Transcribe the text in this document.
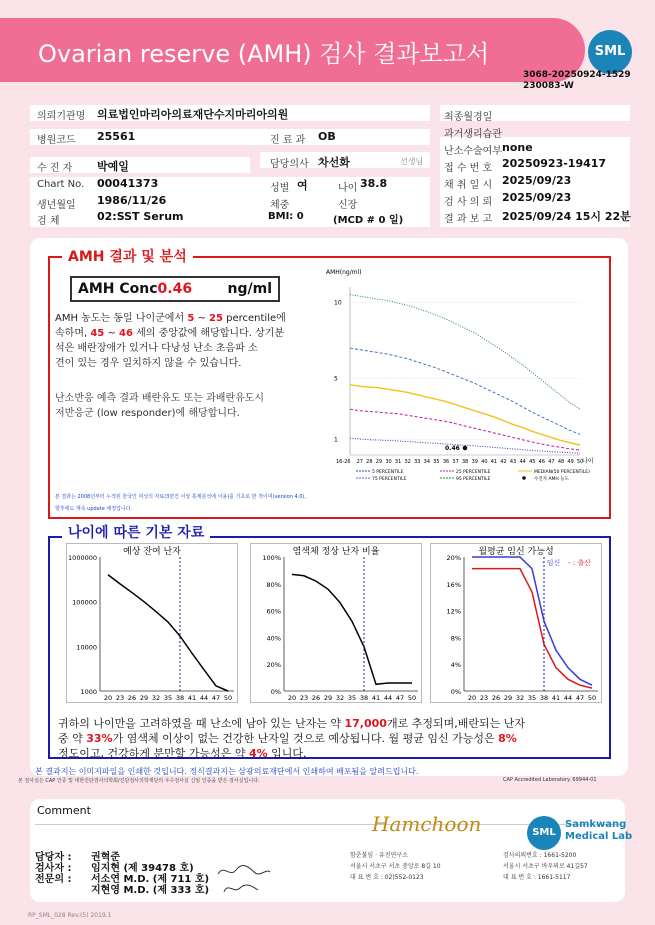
Ovarian reserve (AMH) 검사 결과보고서	SML
3068-20250924-1529
230083-W
의뢰기관명 의료법인마리아의료재단수지마리아의원
병원코드 25561	진 료 과 OB
수 진 자 박예일	담당의사 차선화	선생님
Chart No. 00041373	성별 여	나이 38.8
생년월일 1986/11/26	체중	신장
검 체	02:SST Serum	BMI: 0	(MCD # 0 일)
최종월경일
과거생리습관
난소수술여부 none
접 수 번 호 20250923-19417
채 취 일 시 2025/09/23
검 사 의 뢰 2025/09/23
결 과 보 고 2025/09/24 15시 22분
AMH 결과 및 분석
AMH Conc0.46	ng/ml
AMH 농도는 동일 나이군에서 5 ~ 25 percentile에
속하며, 45 ~ 46 세의 중앙값에 해당합니다. 상기분
석은 배란장애가 있거나 다낭성 난소 초음파 소
견이 있는 경우 일치하지 않을 수 있습니다.
난소반응 예측 결과 배란유도 또는 과배란유도시
저반응군 (low responder)에 해당합니다.
본 결과는 2008년부터 누적된 한국인 여성의 자료(3만건 이상 통계분석에 이용)를 기초로 한 것이며(version 4.0),
향후에도 계속 update 예정입니다.
AMH(ng/ml)
10
5
1
16-26 27 28 29 30 31 32 33 34 35 36 37 38 39 40 41 42 43 44 45 46 47 48 49 50
나이
0.46
5 PERCENTILE	25 PERCENTILE	MEDIAN(50 PERCENTILE)
75 PERCENTILE	95 PERCENTILE	수진자 AMH 농도
나이에 따른 기본 자료
예상 잔여 난자
1000000
100000
10000
1000
20 23 26 29 32 35 38 41 44 47 50
염색체 정상 난자 비율
100%
80%
60%
40%
20%
0%
20 23 26 29 32 35 38 41 44 47 50
월평균 임신 가능성
20%
16%
12%
8%
4%
0%
20 23 26 29 32 35 38 41 44 47 50
- 임신 - : 출산
귀하의 나이만을 고려하였을 때 난소에 남아 있는 난자는 약 17,000개로 추정되며,배란되는 난자
중 약 33%가 염색체 이상이 없는 건강한 난자일 것으로 예상됩니다. 월 평균 임신 가능성은 8%
정도이고, 건강하게 분만할 가능성은 약 4% 입니다.
본 결과지는 이미지파일을 인쇄한 것입니다. 정식결과지는 삼광의료재단에서 인쇄하여 배포됨을 알려드립니다.
본 검사실은 CAP 인증 및 대한진단검사의학회/진단검사의학재단의 우수검사실 신임 인증을 받은 검사실입니다.	CAP Accredited Laboratory. 69944-01
Comment
담당자 : 권혁준
검사자 : 임지현 (제 39478 호)
전문의 : 서소연 M.D. (제 711 호)
지현영 M.D. (제 333 호)
Hamchoon
함춘불임 · 유전연구소
서울시 서초구 서초 중앙로 8길 10
대 표 번 호 : 02)552-0123
SML
Samkwang
Medical Lab
검사의뢰번호 : 1661-5200
서울시 서초구 바우뫼로 41길57
대 표 번 호 : 1661-5117
RP_SML_028 Rev.(5) 2019.1
